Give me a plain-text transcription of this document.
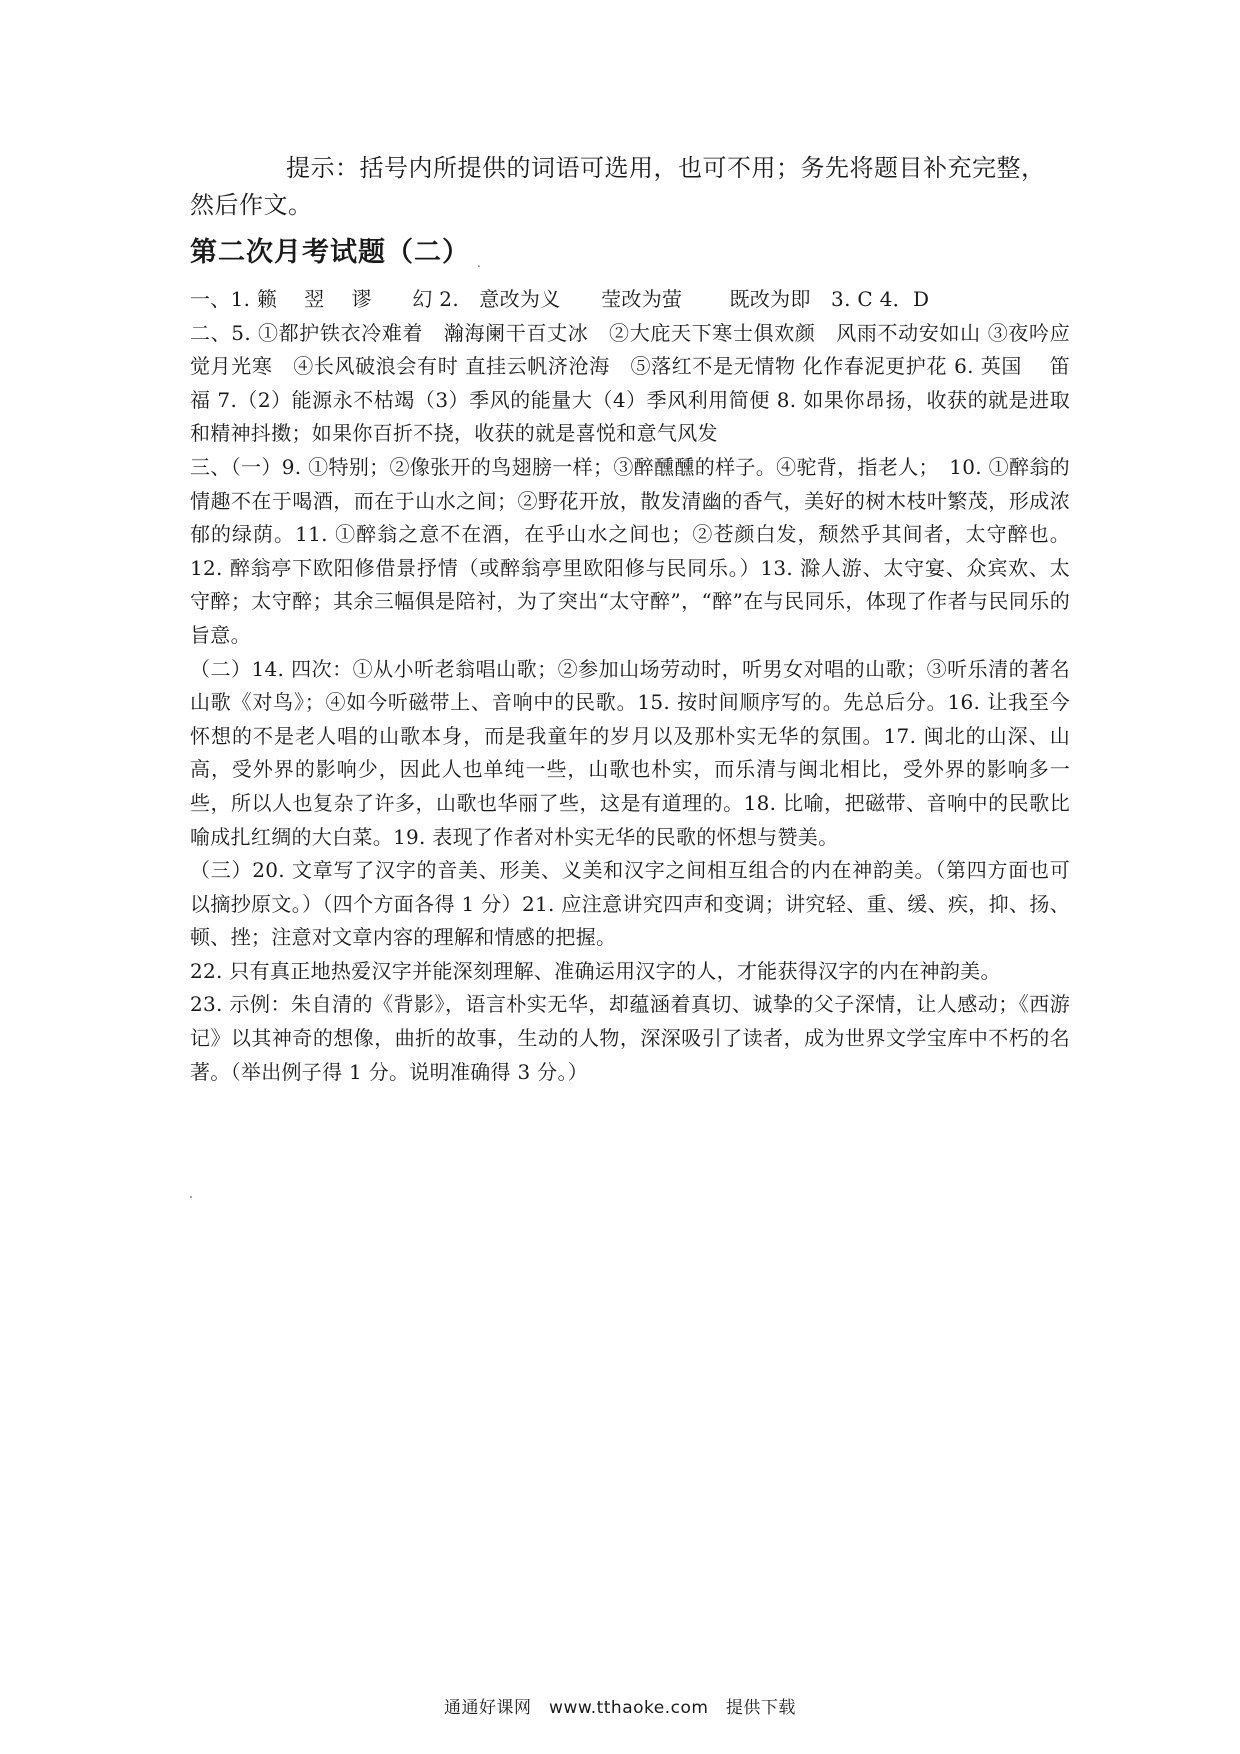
提示：括号内所提供的词语可选用，也可不用；务先将题目补充完整，
然后作文。
第二次月考试题（二） .

一、1. 籁　 翌　 谬　　幻 2.　意改为义　　莹改为萤　　 既改为即　3. C 4．D

二、5. ①都护铁衣冷难着　瀚海阑干百丈冰　②大庇天下寒士俱欢颜　风雨不动安如山 ③夜吟应觉月光寒　④长风破浪会有时 直挂云帆济沧海　⑤落红不是无情物 化作春泥更护花 6. 英国　 笛福 7.（2）能源永不枯竭（3）季风的能量大（4）季风利用简便 8. 如果你昂扬，收获的就是进取和精神抖擞；如果你百折不挠，收获的就是喜悦和意气风发

三、（一）9. ①特别；②像张开的鸟翅膀一样；③醉醺醺的样子。④驼背，指老人；　10. ①醉翁的情趣不在于喝酒，而在于山水之间；②野花开放，散发清幽的香气，美好的树木枝叶繁茂，形成浓郁的绿荫。11. ①醉翁之意不在酒，在乎山水之间也；②苍颜白发，颓然乎其间者，太守醉也。12. 醉翁亭下欧阳修借景抒情（或醉翁亭里欧阳修与民同乐。）13. 滁人游、太守宴、众宾欢、太守醉；太守醉；其余三幅俱是陪衬，为了突出“太守醉”，“醉”在与民同乐，体现了作者与民同乐的旨意。

（二）14. 四次：①从小听老翁唱山歌；②参加山场劳动时，听男女对唱的山歌；③听乐清的著名山歌《对鸟》；④如今听磁带上、音响中的民歌。15. 按时间顺序写的。先总后分。16. 让我至今怀想的不是老人唱的山歌本身，而是我童年的岁月以及那朴实无华的氛围。17. 闽北的山深、山高，受外界的影响少，因此人也单纯一些，山歌也朴实，而乐清与闽北相比，受外界的影响多一些，所以人也复杂了许多，山歌也华丽了些，这是有道理的。18. 比喻，把磁带、音响中的民歌比喻成扎红绸的大白菜。19. 表现了作者对朴实无华的民歌的怀想与赞美。

（三）20. 文章写了汉字的音美、形美、义美和汉字之间相互组合的内在神韵美。（第四方面也可以摘抄原文。）（四个方面各得 1 分）21. 应注意讲究四声和变调；讲究轻、重、缓、疾，抑、扬、顿、挫；注意对文章内容的理解和情感的把握。

22. 只有真正地热爱汉字并能深刻理解、准确运用汉字的人，才能获得汉字的内在神韵美。

23. 示例：朱自清的《背影》，语言朴实无华，却蕴涵着真切、诚挚的父子深情，让人感动；《西游记》以其神奇的想像，曲折的故事，生动的人物，深深吸引了读者，成为世界文学宝库中不朽的名著。（举出例子得 1 分。说明准确得 3 分。）

通通好课网　www.tthaoke.com　提供下载
